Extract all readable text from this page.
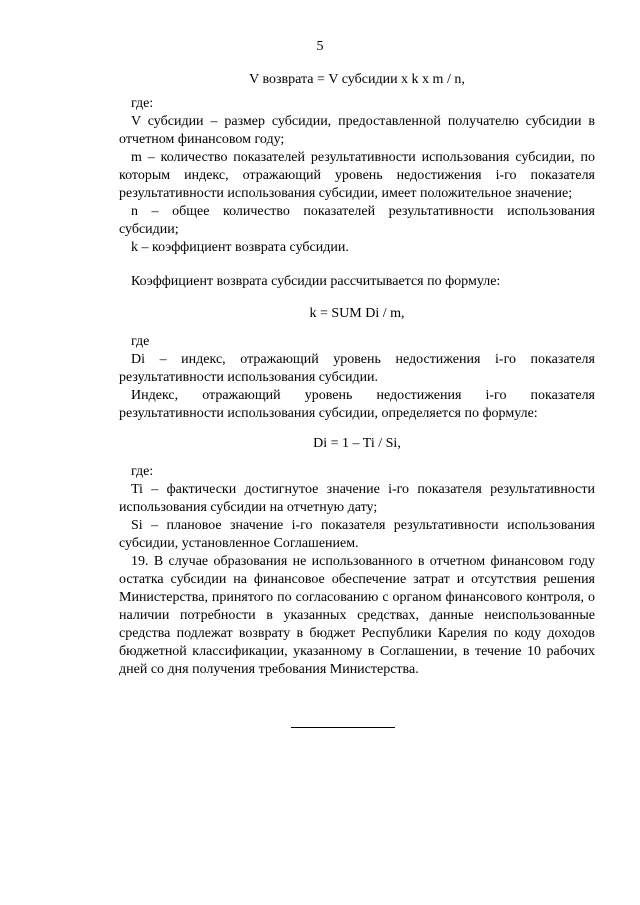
5

V возврата = V субсидии x k x m / n,

где:

V субсидии – размер субсидии, предоставленной получателю субсидии в отчетном финансовом году;

m – количество показателей результативности использования субсидии, по которым индекс, отражающий уровень недостижения i-го показателя результативности использования субсидии, имеет положительное значение;

n – общее количество показателей результативности использования субсидии;

k – коэффициент возврата субсидии.

Коэффициент возврата субсидии рассчитывается по формуле:

k = SUM Di / m,

где

Di – индекс, отражающий уровень недостижения i-го показателя результативности использования субсидии.

Индекс, отражающий уровень недостижения i-го показателя результативности использования субсидии, определяется по формуле:

Di = 1 – Ti / Si,

где:

Ti – фактически достигнутое значение i-го показателя результативности использования субсидии на отчетную дату;

Si – плановое значение i-го показателя результативности использования субсидии, установленное Соглашением.

19. В случае образования не использованного в отчетном финансовом году остатка субсидии на финансовое обеспечение затрат и отсутствия решения Министерства, принятого по согласованию с органом финансового контроля, о наличии потребности в указанных средствах, данные неиспользованные средства подлежат возврату в бюджет Республики Карелия по коду доходов бюджетной классификации, указанному в Соглашении, в течение 10 рабочих дней со дня получения требования Министерства.
